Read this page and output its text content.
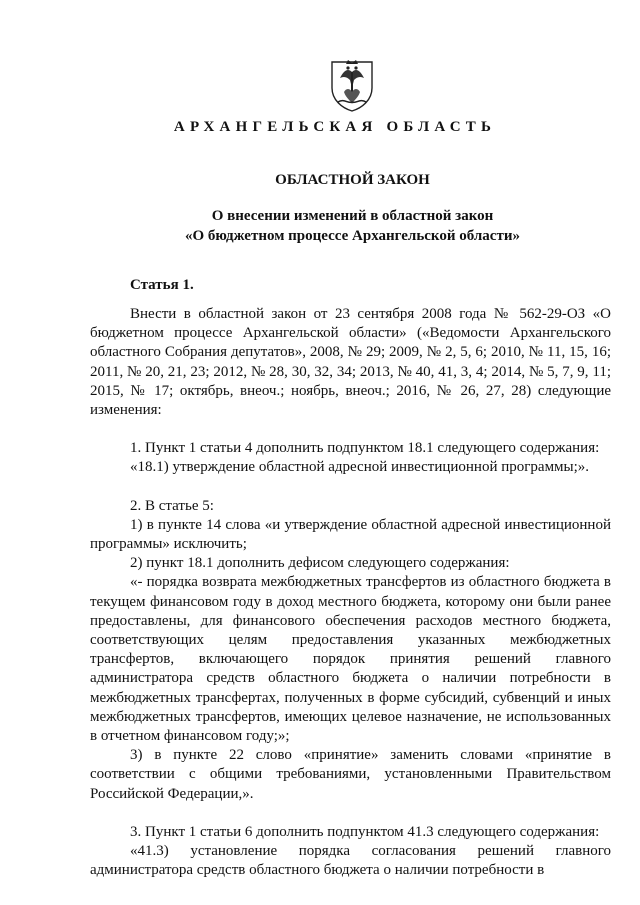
АРХАНГЕЛЬСКАЯ ОБЛАСТЬ
ОБЛАСТНОЙ ЗАКОН
О внесении изменений в областной закон
«О бюджетном процессе Архангельской области»
Статья 1.

Внести в областной закон от 23 сентября 2008 года № 562-29-ОЗ «О бюджетном процессе Архангельской области» («Ведомости Архангельского областного Собрания депутатов», 2008, № 29; 2009, № 2, 5, 6; 2010, № 11, 15, 16; 2011, № 20, 21, 23; 2012, № 28, 30, 32, 34; 2013, № 40, 41, 3, 4; 2014, № 5, 7, 9, 11; 2015, № 17; октябрь, внеоч.; ноябрь, внеоч.; 2016, № 26, 27, 28) следующие изменения:

1. Пункт 1 статьи 4 дополнить подпунктом 18.1 следующего содержания:

«18.1) утверждение областной адресной инвестиционной программы;».

2. В статье 5:

1) в пункте 14 слова «и утверждение областной адресной инвестиционной программы» исключить;

2) пункт 18.1 дополнить дефисом следующего содержания:

«- порядка возврата межбюджетных трансфертов из областного бюджета в текущем финансовом году в доход местного бюджета, которому они были ранее предоставлены, для финансового обеспечения расходов местного бюджета, соответствующих целям предоставления указанных межбюджетных трансфертов, включающего порядок принятия решений главного администратора средств областного бюджета о наличии потребности в межбюджетных трансфертах, полученных в форме субсидий, субвенций и иных межбюджетных трансфертов, имеющих целевое назначение, не использованных в отчетном финансовом году;»;

3) в пункте 22 слово «принятие» заменить словами «принятие в соответствии с общими требованиями, установленными Правительством Российской Федерации,».

3. Пункт 1 статьи 6 дополнить подпунктом 41.3 следующего содержания:

«41.3) установление порядка согласования решений главного администратора средств областного бюджета о наличии потребности в
